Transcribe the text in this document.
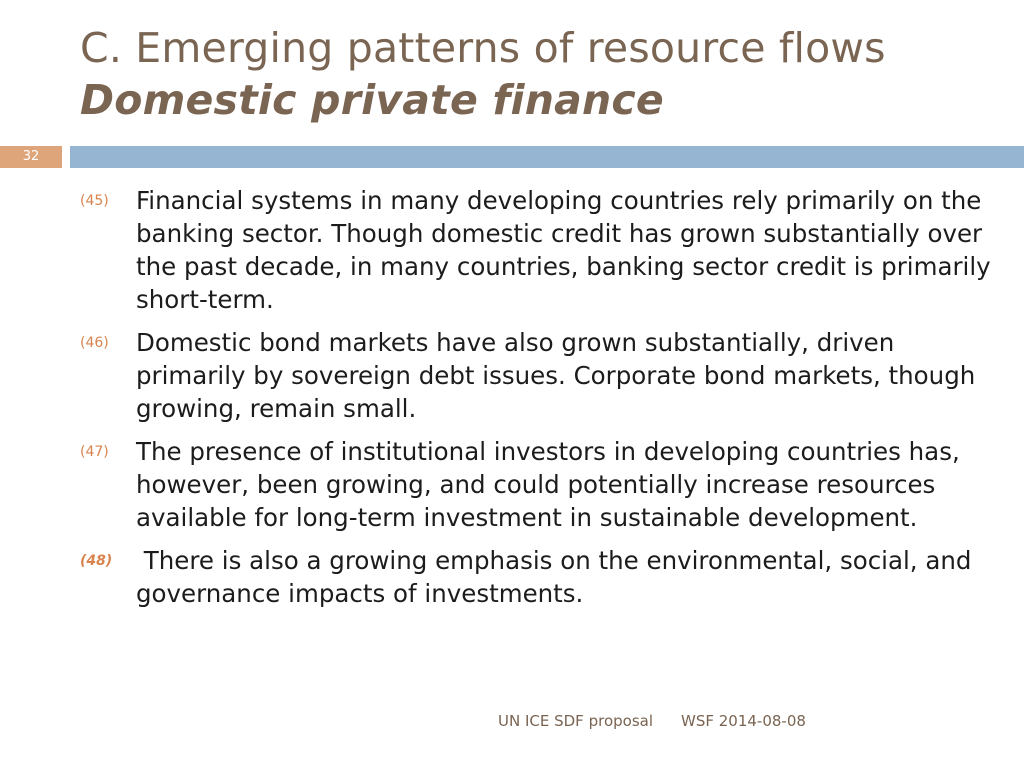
C. Emerging patterns of resource flows
Domestic private finance
32
(45)	Financial systems in many developing countries rely primarily on the banking sector. Though domestic credit has grown substantially over the past decade, in many countries, banking sector credit is primarily short-term.
(46)	Domestic bond markets have also grown substantially, driven primarily by sovereign debt issues. Corporate bond markets, though growing, remain small.
(47)	The presence of institutional investors in developing countries has, however, been growing, and could potentially increase resources available for long-term investment in sustainable development.
(48) There is also a growing emphasis on the environmental, social, and governance impacts of investments.
UN ICE SDF proposal WSF 2014-08-08
